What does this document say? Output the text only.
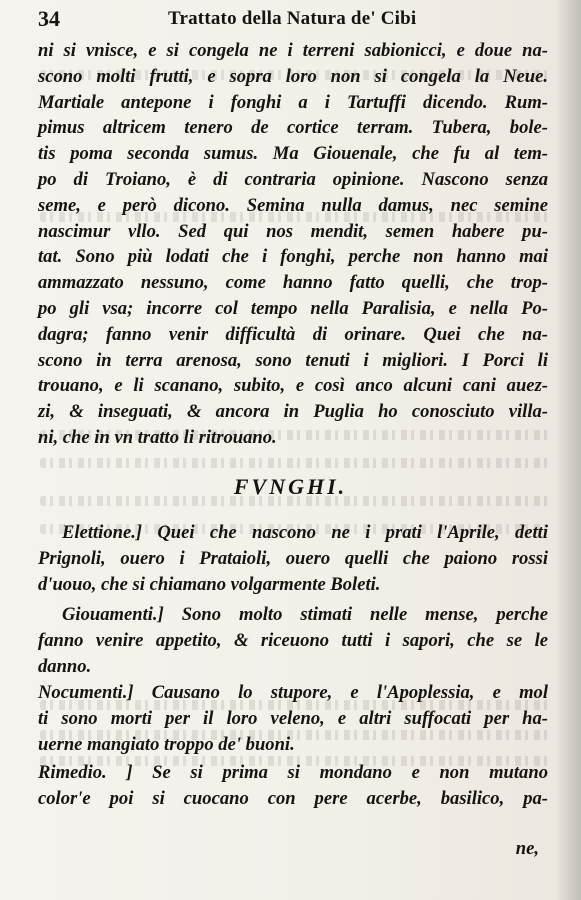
34	Trattato della Natura de' Cibi
ni si vnisce, e si congela ne i terreni sabionicci, e doue na-
scono molti frutti, e sopra loro non si congela la Neue.
Martiale antepone i fonghi a i Tartuffi dicendo. Rum-
pimus altricem tenero de cortice terram. Tubera, bole-
tis poma seconda sumus. Ma Giouenale, che fu al tem-
po di Troiano, è di contraria opinione. Nascono senza
seme, e però dicono. Semina nulla damus, nec semine
nascimur vllo. Sed qui nos mendit, semen habere pu-
tat. Sono più lodati che i fonghi, perche non hanno mai
ammazzato nessuno, come hanno fatto quelli, che trop-
po gli vsa; incorre col tempo nella Paralisia, e nella Po-
dagra; fanno venir difficultà di orinare. Quei che na-
scono in terra arenosa, sono tenuti i migliori. I Porci li
trouano, e li scanano, subito, e così anco alcuni cani auez-
zi, & inseguati, & ancora in Puglia ho conosciuto villa-
ni, che in vn tratto li ritrouano.
FVNGHI.
Elettione.] Quei che nascono ne i prati l'Aprile, detti
Prignoli, ouero i Prataioli, ouero quelli che paiono rossi
d'uouo, che si chiamano volgarmente Boleti.
Giouamenti.] Sono molto stimati nelle mense, perche
fanno venire appetito, & riceuono tutti i sapori, che se le
danno.
Nocumenti.] Causano lo stupore, e l'Apoplessia, e mol
ti sono morti per il loro veleno, e altri suffocati per ha-
uerne mangiato troppo de' buoni.
Rimedio. ] Se si prima si mondano e non mutano
color'e poi si cuocano con pere acerbe, basilico, pa-
ne,
